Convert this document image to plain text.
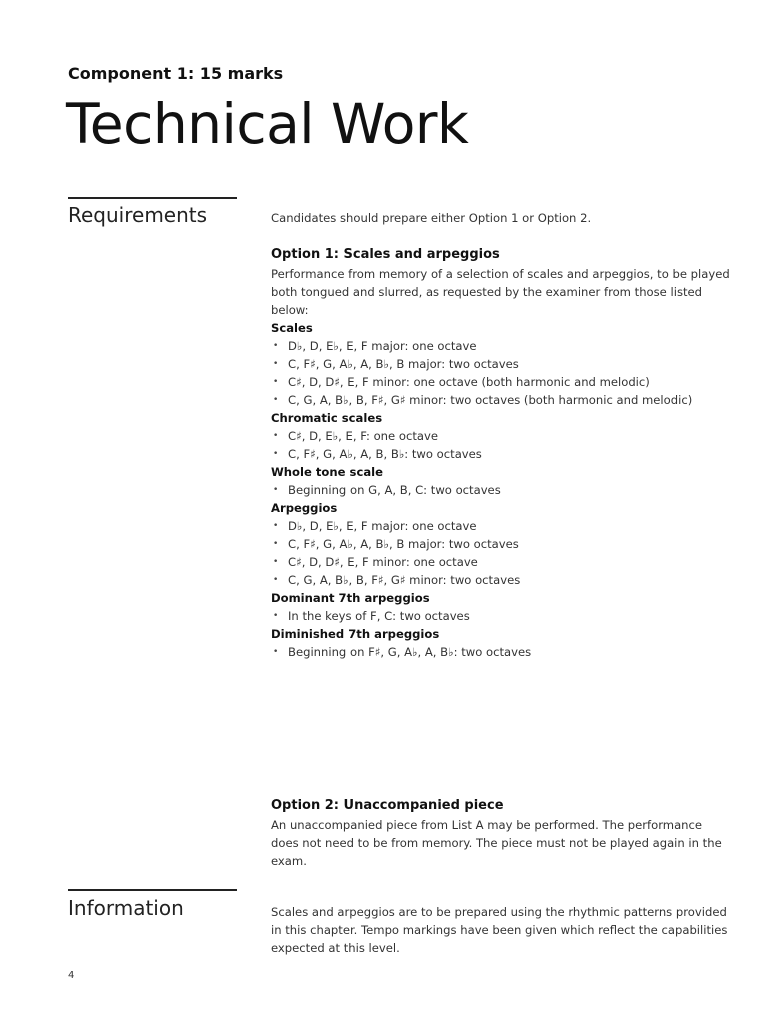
Component 1: 15 marks
Technical Work
Requirements	Candidates should prepare either Option 1 or Option 2.

Option 1: Scales and arpeggios

Performance from memory of a selection of scales and arpeggios, to be played both tongued and slurred, as requested by the examiner from those listed below:

Scales

• D♭, D, E♭, E, F major: one octave
• C, F♯, G, A♭, A, B♭, B major: two octaves
• C♯, D, D♯, E, F minor: one octave (both harmonic and melodic)
• C, G, A, B♭, B, F♯, G♯ minor: two octaves (both harmonic and melodic)

Chromatic scales

• C♯, D, E♭, E, F: one octave
• C, F♯, G, A♭, A, B, B♭: two octaves

Whole tone scale

• Beginning on G, A, B, C: two octaves

Arpeggios

• D♭, D, E♭, E, F major: one octave
• C, F♯, G, A♭, A, B♭, B major: two octaves
• C♯, D, D♯, E, F minor: one octave
• C, G, A, B♭, B, F♯, G♯ minor: two octaves

Dominant 7th arpeggios

• In the keys of F, C: two octaves

Diminished 7th arpeggios

• Beginning on F♯, G, A♭, A, B♭: two octaves

Option 2: Unaccompanied piece

An unaccompanied piece from List A may be performed. The performance does not need to be from memory. The piece must not be played again in the exam.

Information	Scales and arpeggios are to be prepared using the rhythmic patterns provided in this chapter. Tempo markings have been given which reflect the capabilities expected at this level.
4
